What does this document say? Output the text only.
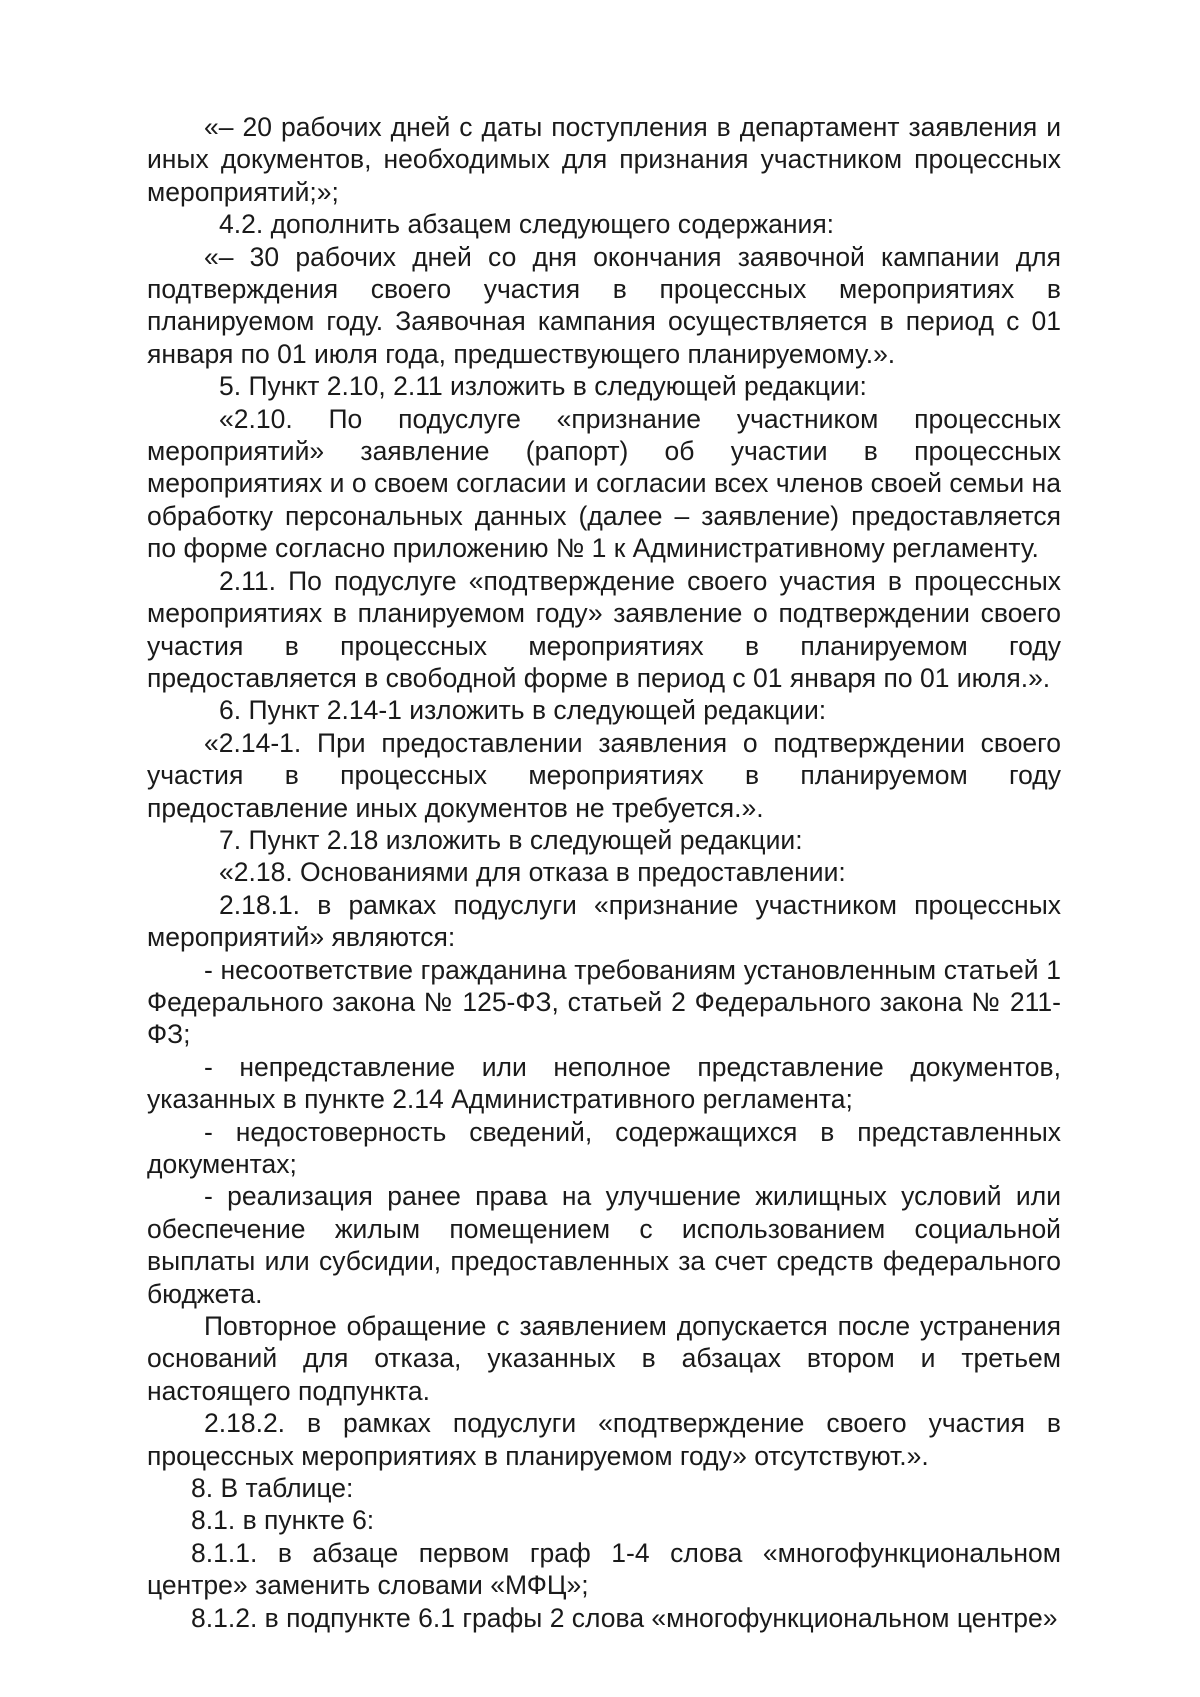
«– 20 рабочих дней с даты поступления в департамент заявления и иных документов, необходимых для признания участником процессных мероприятий;»;

4.2. дополнить абзацем следующего содержания:

«– 30 рабочих дней со дня окончания заявочной кампании для подтверждения своего участия в процессных мероприятиях в планируемом году. Заявочная кампания осуществляется в период с 01 января по 01 июля года, предшествующего планируемому.».

5. Пункт 2.10, 2.11 изложить в следующей редакции:

«2.10. По подуслуге «признание участником процессных мероприятий» заявление (рапорт) об участии в процессных мероприятиях и о своем согласии и согласии всех членов своей семьи на обработку персональных данных (далее – заявление) предоставляется по форме согласно приложению № 1 к Административному регламенту.

2.11. По подуслуге «подтверждение своего участия в процессных мероприятиях в планируемом году» заявление о подтверждении своего участия в процессных мероприятиях в планируемом году предоставляется в свободной форме в период с 01 января по 01 июля.».

6. Пункт 2.14-1 изложить в следующей редакции:

«2.14-1. При предоставлении заявления о подтверждении своего участия в процессных мероприятиях в планируемом году предоставление иных документов не требуется.».

7. Пункт 2.18 изложить в следующей редакции:

«2.18. Основаниями для отказа в предоставлении:

2.18.1. в рамках подуслуги «признание участником процессных мероприятий» являются:

- несоответствие гражданина требованиям установленным статьей 1 Федерального закона № 125-ФЗ, статьей 2 Федерального закона № 211-ФЗ;

- непредставление или неполное представление документов, указанных в пункте 2.14 Административного регламента;

- недостоверность сведений, содержащихся в представленных документах;

- реализация ранее права на улучшение жилищных условий или обеспечение жилым помещением с использованием социальной выплаты или субсидии, предоставленных за счет средств федерального бюджета.

Повторное обращение с заявлением допускается после устранения оснований для отказа, указанных в абзацах втором и третьем настоящего подпункта.

2.18.2. в рамках подуслуги «подтверждение своего участия в процессных мероприятиях в планируемом году» отсутствуют.».

8. В таблице:

8.1. в пункте 6:

8.1.1. в абзаце первом граф 1-4 слова «многофункциональном центре» заменить словами «МФЦ»;

8.1.2. в подпункте 6.1 графы 2 слова «многофункциональном центре»
